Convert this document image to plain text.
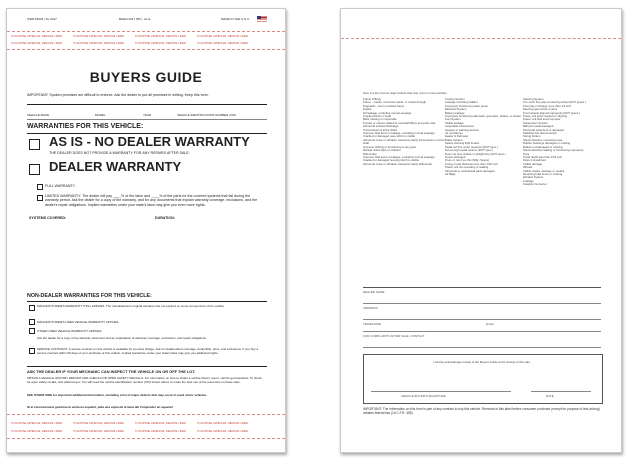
ITEM #4024 / AL 2017	BGEN 2017 (5P) - AL E	MADE IN THE U.S.A.
TO EXPOSE ADHESIVE, REMOVE LINER	TO EXPOSE ADHESIVE, REMOVE LINER	TO EXPOSE ADHESIVE, REMOVE LINER	TO EXPOSE ADHESIVE, REMOVE LINER
TO EXPOSE ADHESIVE, REMOVE LINER	TO EXPOSE ADHESIVE, REMOVE LINER	TO EXPOSE ADHESIVE, REMOVE LINER	TO EXPOSE ADHESIVE, REMOVE LINER
BUYERS GUIDE
IMPORTANT: Spoken promises are difficult to enforce. Ask the dealer to put all promises in writing. Keep this form.
VEHICLE MAKE	MODEL	YEAR	VEHICLE IDENTIFICATION NUMBER (VIN)
WARRANTIES FOR THIS VEHICLE:
AS IS - NO DEALER WARRANTY
THE DEALER DOES NOT PROVIDE A WARRANTY FOR ANY REPAIRS AFTER SALE.
DEALER WARRANTY
FULL WARRANTY.
LIMITED WARRANTY. The dealer will pay ____% of the labor and ____% of the parts for the covered systems that fail during the warranty period. Ask the dealer for a copy of the warranty, and for any documents that explain warranty coverage, exclusions, and the dealer's repair obligations. Implied warranties under your state's laws may give you even more rights.
SYSTEMS COVERED:	DURATION:
NON-DEALER WARRANTIES FOR THIS VEHICLE:
MANUFACTURER'S WARRANTY STILL APPLIES. The manufacturer's original warranty has not expired on some components of the vehicle.
MANUFACTURER'S USED VEHICLE WARRANTY APPLIES.
OTHER USED VEHICLE WARRANTY APPLIES.
Ask the dealer for a copy of the warranty document and an explanation of warranty coverage, exclusions, and repair obligations.
SERVICE CONTRACT. A service contract on this vehicle is available for an extra charge. Ask for details about coverage, deductible, price, and exclusions. If you buy a service contract within 90 days of your purchase of this vehicle, implied warranties under your state's laws may give you additional rights.
ASK THE DEALER IF YOUR MECHANIC CAN INSPECT THE VEHICLE ON OR OFF THE LOT.
OBTAIN A VEHICLE HISTORY REPORT AND CHECK FOR OPEN SAFETY RECALLS. For information on how to obtain a vehicle history report, visit ftc.gov/usedcars. To check for open safety recalls, visit safercar.gov. You will need the vehicle identification number (VIN) shown above to make the best use of the resources on these sites.
SEE OTHER SIDE for important additional information, including a list of major defects that may occur in used motor vehicles.
Si el concesionario gestiona la venta en español, pida una copia de la Guía del Comprador en español.
TO EXPOSE ADHESIVE, REMOVE LINER	TO EXPOSE ADHESIVE, REMOVE LINER	TO EXPOSE ADHESIVE, REMOVE LINER	TO EXPOSE ADHESIVE, REMOVE LINER
TO EXPOSE ADHESIVE, REMOVE LINER	TO EXPOSE ADHESIVE, REMOVE LINER	TO EXPOSE ADHESIVE, REMOVE LINER	TO EXPOSE ADHESIVE, REMOVE LINER
Here is a list of some major defects that may occur in used vehicles.
Frame & Body
Frame - cracks, corrective welds, or rusted through
Dogtracks - bent or twisted frame
Engine
Oil leakage, excluding normal seepage
Cracked block or head
Belts missing or inoperable
Knocks or misses related to camshaft lifters and push rods
Abnormal exhaust discharge
Transmission & Drive Shaft
Improper fluid level or leakage, excluding normal seepage
Cracked or damaged case which is visible
Abnormal noise or vibration caused by faulty transmission or drive shaft
Improper shifting or functioning in any gear
Manual clutch slips or chatters
Differential
Improper fluid level or leakage, excluding normal seepage
Cracked or damaged housing which is visible
Abnormal noise or vibration caused by faulty differential
Cooling System
Leakage including radiator
Improperly functioning water pump
Electrical System
Battery leakage
Improperly functioning alternator, generator, battery, or starter
Fuel System
Visible leakage
Inoperable Accessories
Gauges or warning devices
Air conditioner
Heater & Defroster
Brake System
Failure warning light broken
Pedal not firm under pressure (DOT spec.)
Not enough pedal reserve (DOT spec.)
Does not stop vehicle in straight line (DOT spec.)
Hoses damaged
Drum or rotor too thin (Mfgr. Specs)
Lining or pad thickness less than 1/32 inch
Power unit not operating or leaking
Structural or mechanical parts damaged
Air Bags
Steering System
Too much free play at steering wheel (DOT specs.)
Free play in linkage more than 1/4 inch
Steering gear binds or jams
Front wheels aligned improperly (DOT specs.)
Power unit belts cracked or slipping
Power unit fluid level improper
Suspension System
Ball joint seals damaged
Structural parts bent or damaged
Stabilizer bar disconnected
Spring broken
Shock absorber mounting loose
Rubber bushings damaged or missing
Radius rod damaged or missing
Shock absorber leaking or functioning improperly
Tires
Tread depth less than 2/32 inch
Sizes mismatched
Visible damage
Wheels
Visible cracks, damage or repairs
Mounting bolts loose or missing
Exhaust System
Leakage
Catalytic Converter
DEALER NAME
ADDRESS
TELEPHONE	Email
FOR COMPLAINTS AFTER SALE, CONTACT
I hereby acknowledge receipt of the Buyers Guide at the closing of this sale.
VEHICLE BUYER'S SIGNATURE	DATE
IMPORTANT: The information on this form is part of any contract to buy this vehicle. Removal of this label before consumer purchase (except for purpose of test-driving) violates federal law (16 C.F.R. 455).
